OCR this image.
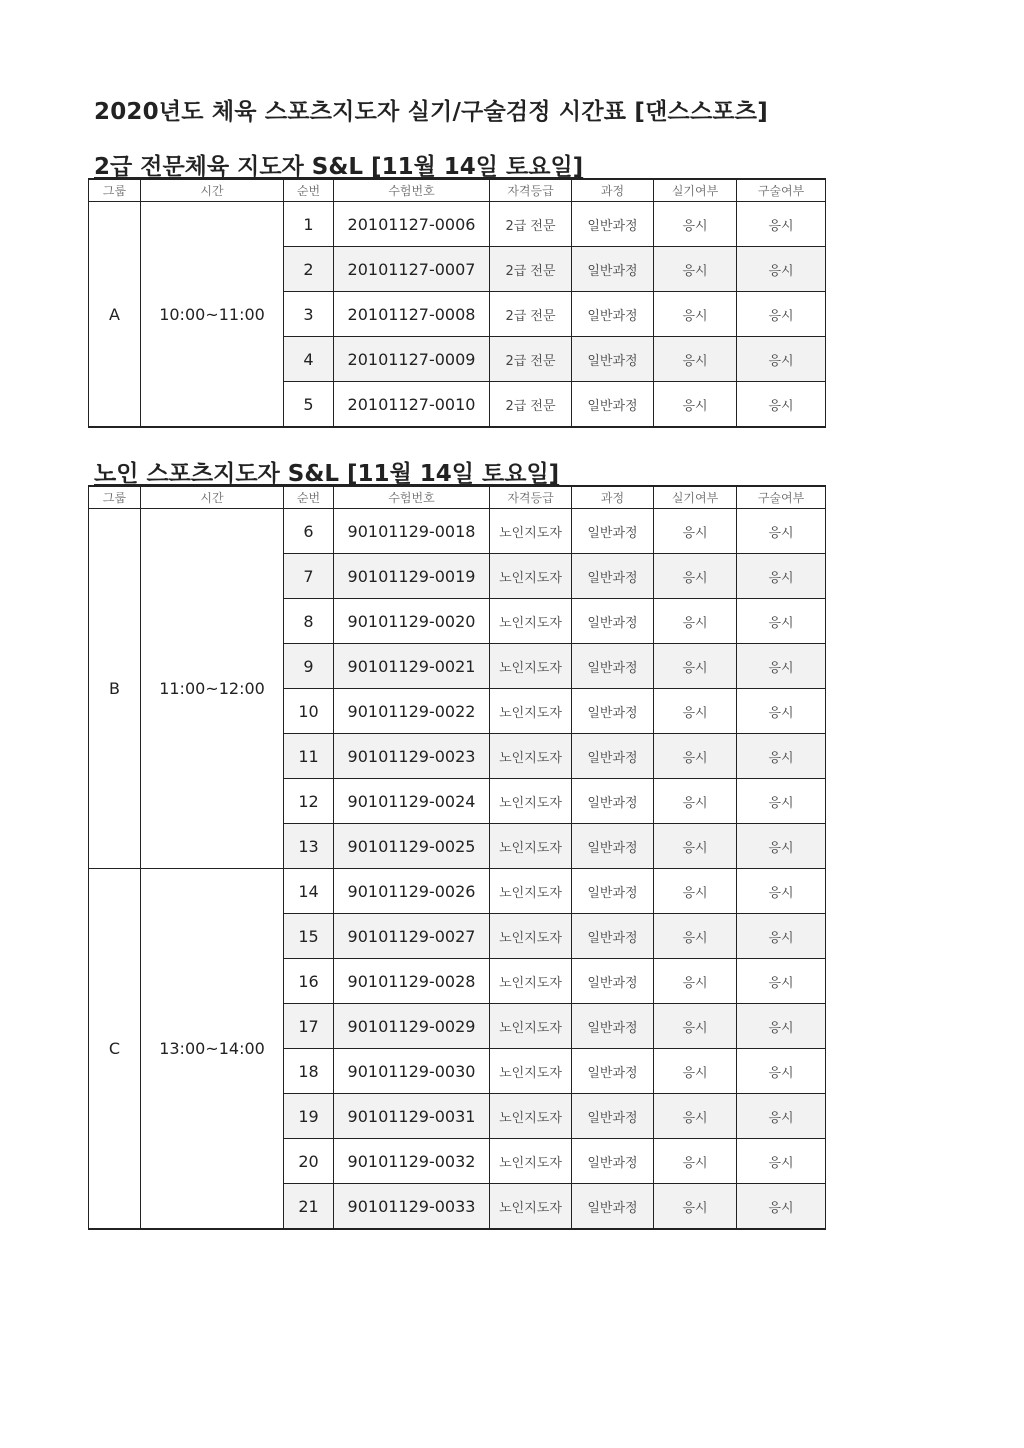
2020년도 체육 스포츠지도자 실기/구술검정 시간표 [댄스스포츠]
2급 전문체육 지도자 S&L [11월 14일 토요일]
그룹	시간	순번	수험번호	자격등급	과정	실기여부	구술여부
A	10:00~11:00	1	20101127-0006	2급 전문	일반과정	응시	응시
		2	20101127-0007	2급 전문	일반과정	응시	응시
		3	20101127-0008	2급 전문	일반과정	응시	응시
		4	20101127-0009	2급 전문	일반과정	응시	응시
		5	20101127-0010	2급 전문	일반과정	응시	응시
노인 스포츠지도자 S&L [11월 14일 토요일]
그룹	시간	순번	수험번호	자격등급	과정	실기여부	구술여부
B	11:00~12:00	6	90101129-0018	노인지도자	일반과정	응시	응시
		7	90101129-0019	노인지도자	일반과정	응시	응시
		8	90101129-0020	노인지도자	일반과정	응시	응시
		9	90101129-0021	노인지도자	일반과정	응시	응시
		10	90101129-0022	노인지도자	일반과정	응시	응시
		11	90101129-0023	노인지도자	일반과정	응시	응시
		12	90101129-0024	노인지도자	일반과정	응시	응시
		13	90101129-0025	노인지도자	일반과정	응시	응시
C	13:00~14:00	14	90101129-0026	노인지도자	일반과정	응시	응시
		15	90101129-0027	노인지도자	일반과정	응시	응시
		16	90101129-0028	노인지도자	일반과정	응시	응시
		17	90101129-0029	노인지도자	일반과정	응시	응시
		18	90101129-0030	노인지도자	일반과정	응시	응시
		19	90101129-0031	노인지도자	일반과정	응시	응시
		20	90101129-0032	노인지도자	일반과정	응시	응시
		21	90101129-0033	노인지도자	일반과정	응시	응시
